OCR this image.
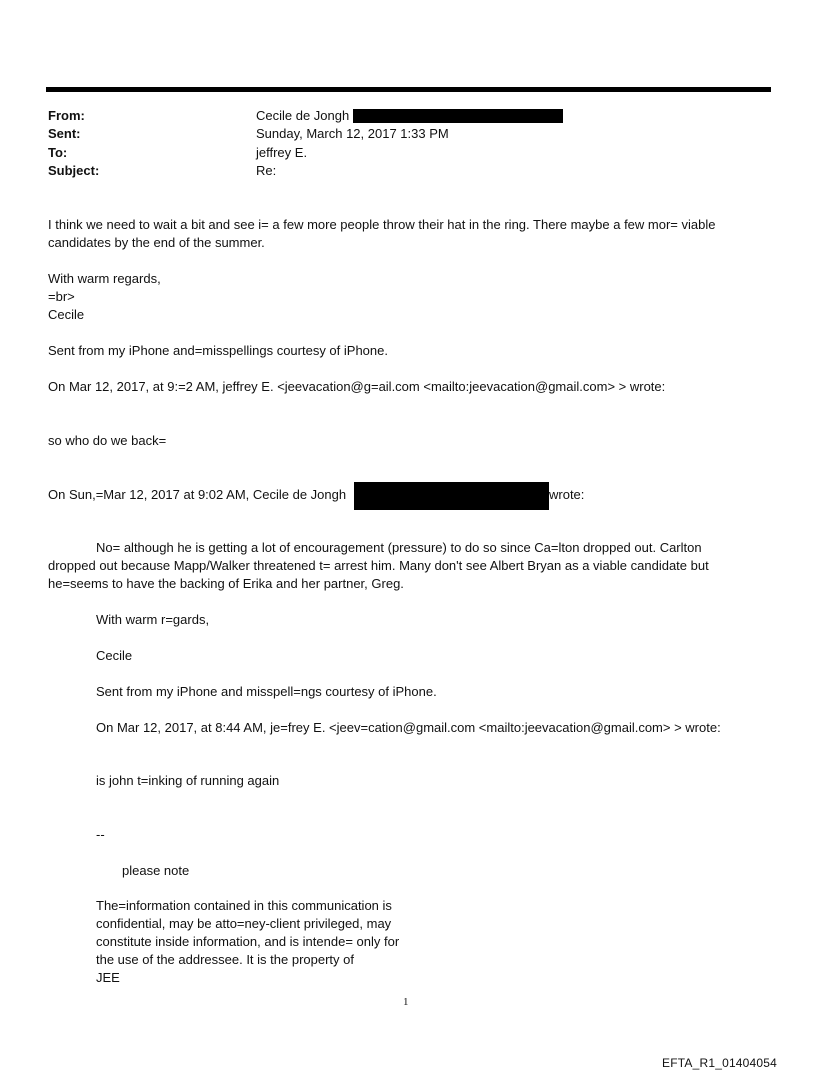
From:	Cecile de Jongh
Sent:	Sunday, March 12, 2017 1:33 PM
To:	jeffrey E.
Subject:	Re:
I think we need to wait a bit and see i= a few more people throw their hat in the ring. There maybe a few mor= viable
candidates by the end of the summer.
With warm regards,
=br>
Cecile
Sent from my iPhone and=misspellings courtesy of iPhone.
On Mar 12, 2017, at 9:=2 AM, jeffrey E. <jeevacation@g=ail.com <mailto:jeevacation@gmail.com> > wrote:
so who do we back=
On Sun,=Mar 12, 2017 at 9:02 AM, Cecile de Jongh	wrote:
No= although he is getting a lot of encouragement (pressure) to do so since Ca=lton dropped out. Carlton
dropped out because Mapp/Walker threatened t= arrest him. Many don't see Albert Bryan as a viable candidate but
he=seems to have the backing of Erika and her partner, Greg.
With warm r=gards,
Cecile
Sent from my iPhone and misspell=ngs courtesy of iPhone.
On Mar 12, 2017, at 8:44 AM, je=frey E. <jeev=cation@gmail.com <mailto:jeevacation@gmail.com> > wrote:
is john t=inking of running again
--
please note
The=information contained in this communication is
confidential, may be atto=ney-client privileged, may
constitute inside information, and is intende= only for
the use of the addressee. It is the property of
JEE
1
EFTA_R1_01404054
